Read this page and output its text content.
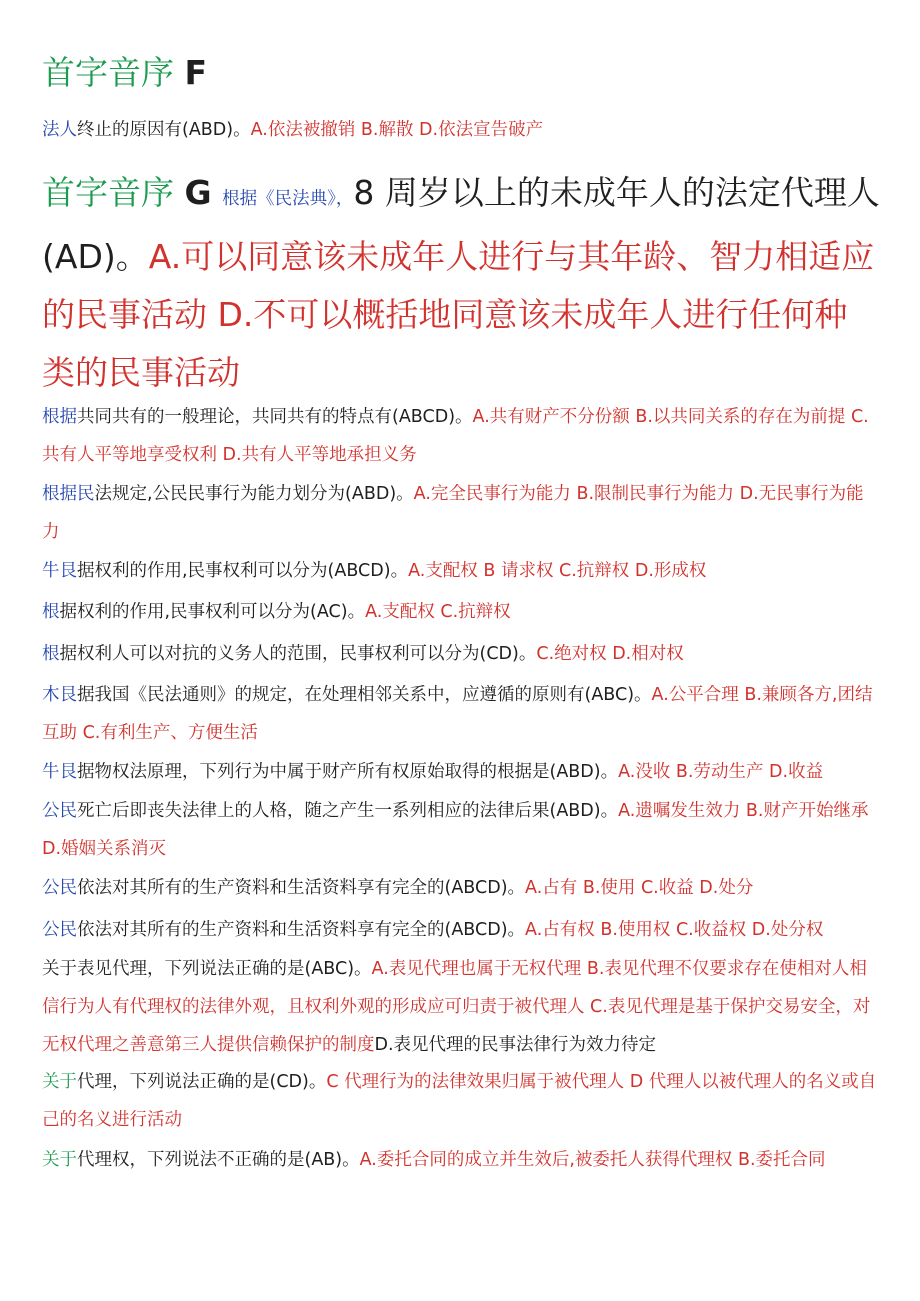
首字音序 F
法人终止的原因有(ABD)。A.依法被撤销 B.解散 D.依法宣告破产
首字音序 G 根据《民法典》，8 周岁以上的未成年人的法定代理人(AD)。A.可以同意该未成年人进行与其年龄、智力相适应的民事活动 D.不可以概括地同意该未成年人进行任何种类的民事活动
根据共同共有的一般理论，共同共有的特点有(ABCD)。A.共有财产不分份额 B.以共同关系的存在为前提 C.共有人平等地享受权利 D.共有人平等地承担义务
根据民法规定,公民民事行为能力划分为(ABD)。A.完全民事行为能力 B.限制民事行为能力 D.无民事行为能力
牛艮据权利的作用,民事权利可以分为(ABCD)。A.支配权 B 请求权 C.抗辩权 D.形成权
根据权利的作用,民事权利可以分为(AC)。A.支配权 C.抗辩权
根据权利人可以对抗的义务人的范围，民事权利可以分为(CD)。C.绝对权 D.相对权
木艮据我国《民法通则》的规定，在处理相邻关系中，应遵循的原则有(ABC)。A.公平合理 B.兼顾各方,团结互助 C.有利生产、方便生活
牛艮据物权法原理，下列行为中属于财产所有权原始取得的根据是(ABD)。A.没收 B.劳动生产 D.收益
公民死亡后即丧失法律上的人格，随之产生一系列相应的法律后果(ABD)。A.遗嘱发生效力 B.财产开始继承 D.婚姻关系消灭
公民依法对其所有的生产资料和生活资料享有完全的(ABCD)。A.占有 B.使用 C.收益 D.处分
公民依法对其所有的生产资料和生活资料享有完全的(ABCD)。A.占有权 B.使用权 C.收益权 D.处分权
关于表见代理，下列说法正确的是(ABC)。A.表见代理也属于无权代理 B.表见代理不仅要求存在使相对人相信行为人有代理权的法律外观，且权利外观的形成应可归责于被代理人 C.表见代理是基于保护交易安全，对无权代理之善意第三人提供信赖保护的制度D.表见代理的民事法律行为效力待定
关于代理，下列说法正确的是(CD)。C 代理行为的法律效果归属于被代理人 D 代理人以被代理人的名义或自己的名义进行活动
关于代理权，下列说法不正确的是(AB)。A.委托合同的成立并生效后,被委托人获得代理权 B.委托合同
